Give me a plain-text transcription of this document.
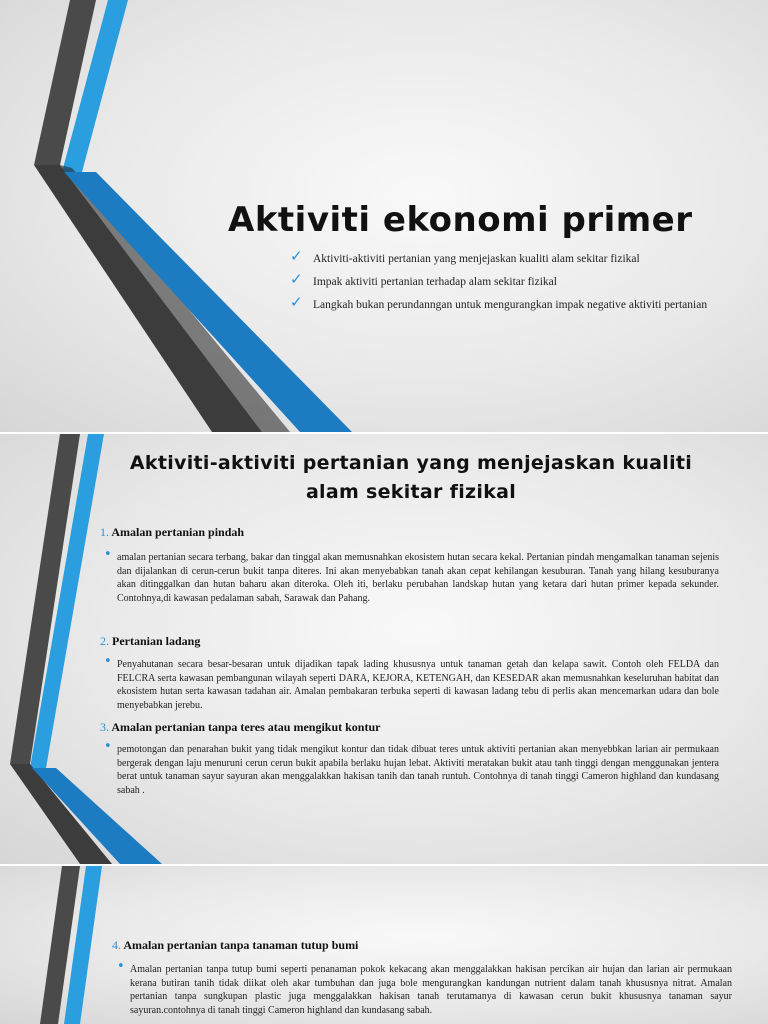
Aktiviti ekonomi primer
✓ Aktiviti-aktiviti pertanian yang menjejaskan kualiti alam sekitar fizikal
✓ Impak aktiviti pertanian terhadap alam sekitar fizikal
✓ Langkah bukan perundanngan untuk mengurangkan impak negative aktiviti pertanian
Aktiviti-aktiviti pertanian yang menjejaskan kualiti alam sekitar fizikal
1. Amalan pertanian pindah
• amalan pertanian secara terbang, bakar dan tinggal akan memusnahkan ekosistem hutan secara kekal. Pertanian pindah mengamalkan tanaman sejenis dan dijalankan di cerun-cerun bukit tanpa diteres. Ini akan menyebabkan tanah akan cepat kehilangan kesuburan. Tanah yang hilang kesuburanya akan ditinggalkan dan hutan baharu akan diteroka. Oleh iti, berlaku perubahan landskap hutan yang ketara dari hutan primer kepada sekunder. Contohnya,di kawasan pedalaman sabah, Sarawak dan Pahang.
2. Pertanian ladang
• Penyahutanan secara besar-besaran untuk dijadikan tapak lading khususnya untuk tanaman getah dan kelapa sawit. Contoh oleh FELDA dan FELCRA serta kawasan pembangunan wilayah seperti DARA, KEJORA, KETENGAH, dan KESEDAR akan memusnahkan keseluruhan habitat dan ekosistem hutan serta kawasan tadahan air. Amalan pembakaran terbuka seperti di kawasan ladang tebu di perlis akan mencemarkan udara dan bole menyebabkan jerebu.
3. Amalan pertanian tanpa teres atau mengikut kontur
• pemotongan dan penarahan bukit yang tidak mengikut kontur dan tidak dibuat teres untuk aktiviti pertanian akan menyebbkan larian air permukaan bergerak dengan laju menuruni cerun cerun bukit apabila berlaku hujan lebat. Aktiviti meratakan bukit atau tanh tinggi dengan menggunakan jentera berat untuk tanaman sayur sayuran akan menggalakkan hakisan tanih dan tanah runtuh. Contohnya di tanah tinggi Cameron highland dan kundasang sabah .
4. Amalan pertanian tanpa tanaman tutup bumi
• Amalan pertanian tanpa tutup bumi seperti penanaman pokok kekacang akan menggalakkan hakisan percikan air hujan dan larian air permukaan kerana butiran tanih tidak diikat oleh akar tumbuhan dan juga bole mengurangkan kandungan nutrient dalam tanah khususnya nitrat. Amalan pertanian tanpa sungkupan plastic juga menggalakkan hakisan tanah terutamanya di kawasan cerun bukit khususnya tanaman sayur sayuran.contohnya di tanah tinggi Cameron highland dan kundasang sabah.
